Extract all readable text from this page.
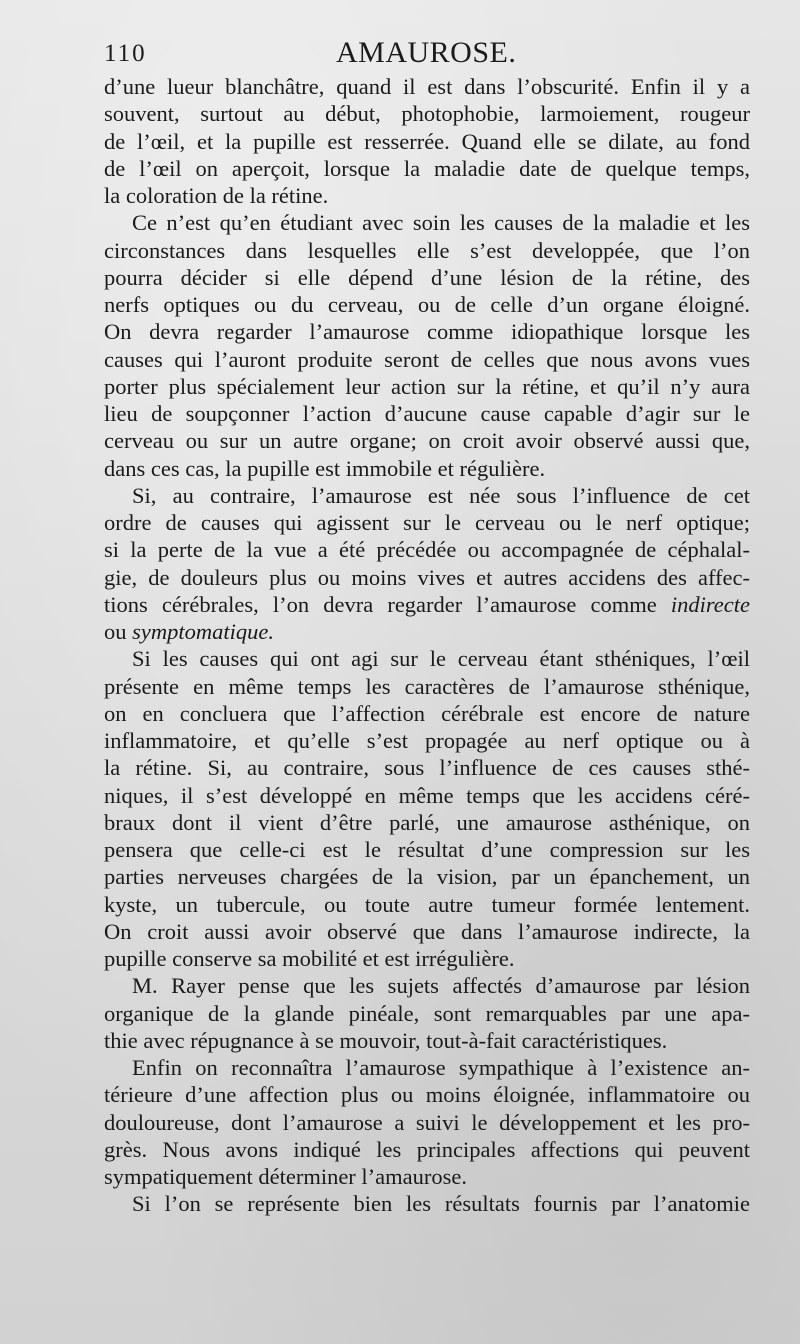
110	AMAUROSE.
d’une lueur blanchâtre, quand il est dans l’obscurité. Enfin il y a
souvent, surtout au début, photophobie, larmoiement, rougeur
de l’œil, et la pupille est resserrée. Quand elle se dilate, au fond
de l’œil on aperçoit, lorsque la maladie date de quelque temps,
la coloration de la rétine.
Ce n’est qu’en étudiant avec soin les causes de la maladie et les
circonstances dans lesquelles elle s’est developpée, que l’on
pourra décider si elle dépend d’une lésion de la rétine, des
nerfs optiques ou du cerveau, ou de celle d’un organe éloigné.
On devra regarder l’amaurose comme idiopathique lorsque les
causes qui l’auront produite seront de celles que nous avons vues
porter plus spécialement leur action sur la rétine, et qu’il n’y aura
lieu de soupçonner l’action d’aucune cause capable d’agir sur le
cerveau ou sur un autre organe; on croit avoir observé aussi que,
dans ces cas, la pupille est immobile et régulière.
Si, au contraire, l’amaurose est née sous l’influence de cet
ordre de causes qui agissent sur le cerveau ou le nerf optique;
si la perte de la vue a été précédée ou accompagnée de céphalal-
gie, de douleurs plus ou moins vives et autres accidens des affec-
tions cérébrales, l’on devra regarder l’amaurose comme indirecte
ou symptomatique.
Si les causes qui ont agi sur le cerveau étant sthéniques, l’œil
présente en même temps les caractères de l’amaurose sthénique,
on en concluera que l’affection cérébrale est encore de nature
inflammatoire, et qu’elle s’est propagée au nerf optique ou à
la rétine. Si, au contraire, sous l’influence de ces causes sthé-
niques, il s’est développé en même temps que les accidens céré-
braux dont il vient d’être parlé, une amaurose asthénique, on
pensera que celle-ci est le résultat d’une compression sur les
parties nerveuses chargées de la vision, par un épanchement, un
kyste, un tubercule, ou toute autre tumeur formée lentement.
On croit aussi avoir observé que dans l’amaurose indirecte, la
pupille conserve sa mobilité et est irrégulière.
M. Rayer pense que les sujets affectés d’amaurose par lésion
organique de la glande pinéale, sont remarquables par une apa-
thie avec répugnance à se mouvoir, tout-à-fait caractéristiques.
Enfin on reconnaîtra l’amaurose sympathique à l’existence an-
térieure d’une affection plus ou moins éloignée, inflammatoire ou
douloureuse, dont l’amaurose a suivi le développement et les pro-
grès. Nous avons indiqué les principales affections qui peuvent
sympatiquement déterminer l’amaurose.
Si l’on se représente bien les résultats fournis par l’anatomie
